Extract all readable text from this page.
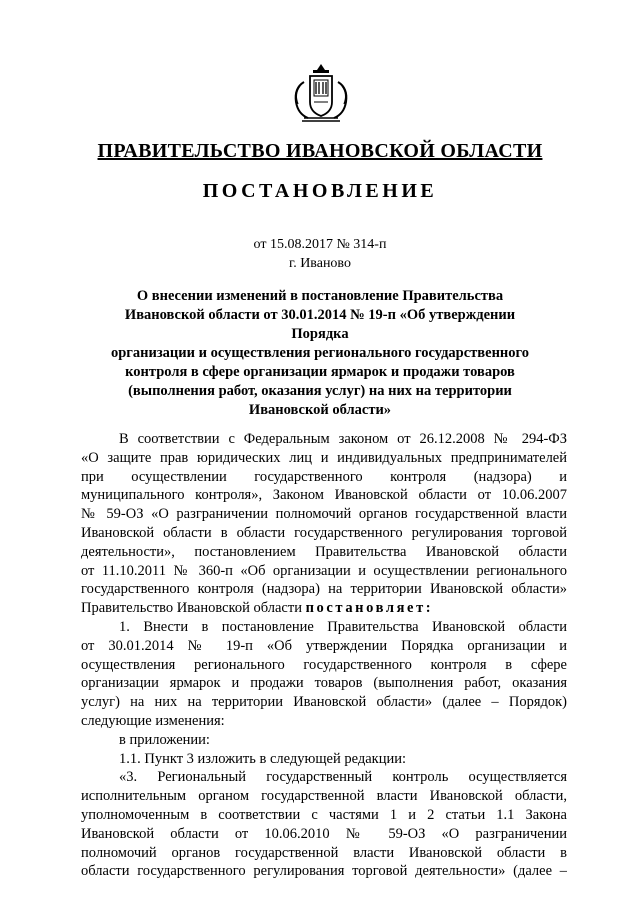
ПРАВИТЕЛЬСТВО ИВАНОВСКОЙ ОБЛАСТИ
ПОСТАНОВЛЕНИЕ
от 15.08.2017 № 314-п
г. Иваново
О внесении изменений в постановление Правительства
Ивановской области от 30.01.2014 № 19-п «Об утверждении Порядка
организации и осуществления регионального государственного
контроля в сфере организации ярмарок и продажи товаров
(выполнения работ, оказания услуг) на них на территории
Ивановской области»
В соответствии с Федеральным законом от 26.12.2008 № 294-ФЗ
«О защите прав юридических лиц и индивидуальных предпринимателей
при осуществлении государственного контроля (надзора) и
муниципального контроля», Законом Ивановской области от 10.06.2007
№ 59-ОЗ «О разграничении полномочий органов государственной власти
Ивановской области в области государственного регулирования торговой
деятельности», постановлением Правительства Ивановской области
от 11.10.2011 № 360-п «Об организации и осуществлении регионального
государственного контроля (надзора) на территории Ивановской области»
Правительство Ивановской области постановляет:
1. Внести в постановление Правительства Ивановской области
от 30.01.2014 № 19-п «Об утверждении Порядка организации и
осуществления регионального государственного контроля в сфере
организации ярмарок и продажи товаров (выполнения работ, оказания
услуг) на них на территории Ивановской области» (далее – Порядок)
следующие изменения:
в приложении:
1.1. Пункт 3 изложить в следующей редакции:
«3. Региональный государственный контроль осуществляется
исполнительным органом государственной власти Ивановской области,
уполномоченным в соответствии с частями 1 и 2 статьи 1.1 Закона
Ивановской области от 10.06.2010 № 59-ОЗ «О разграничении
полномочий органов государственной власти Ивановской области в
области государственного регулирования торговой деятельности» (далее –
